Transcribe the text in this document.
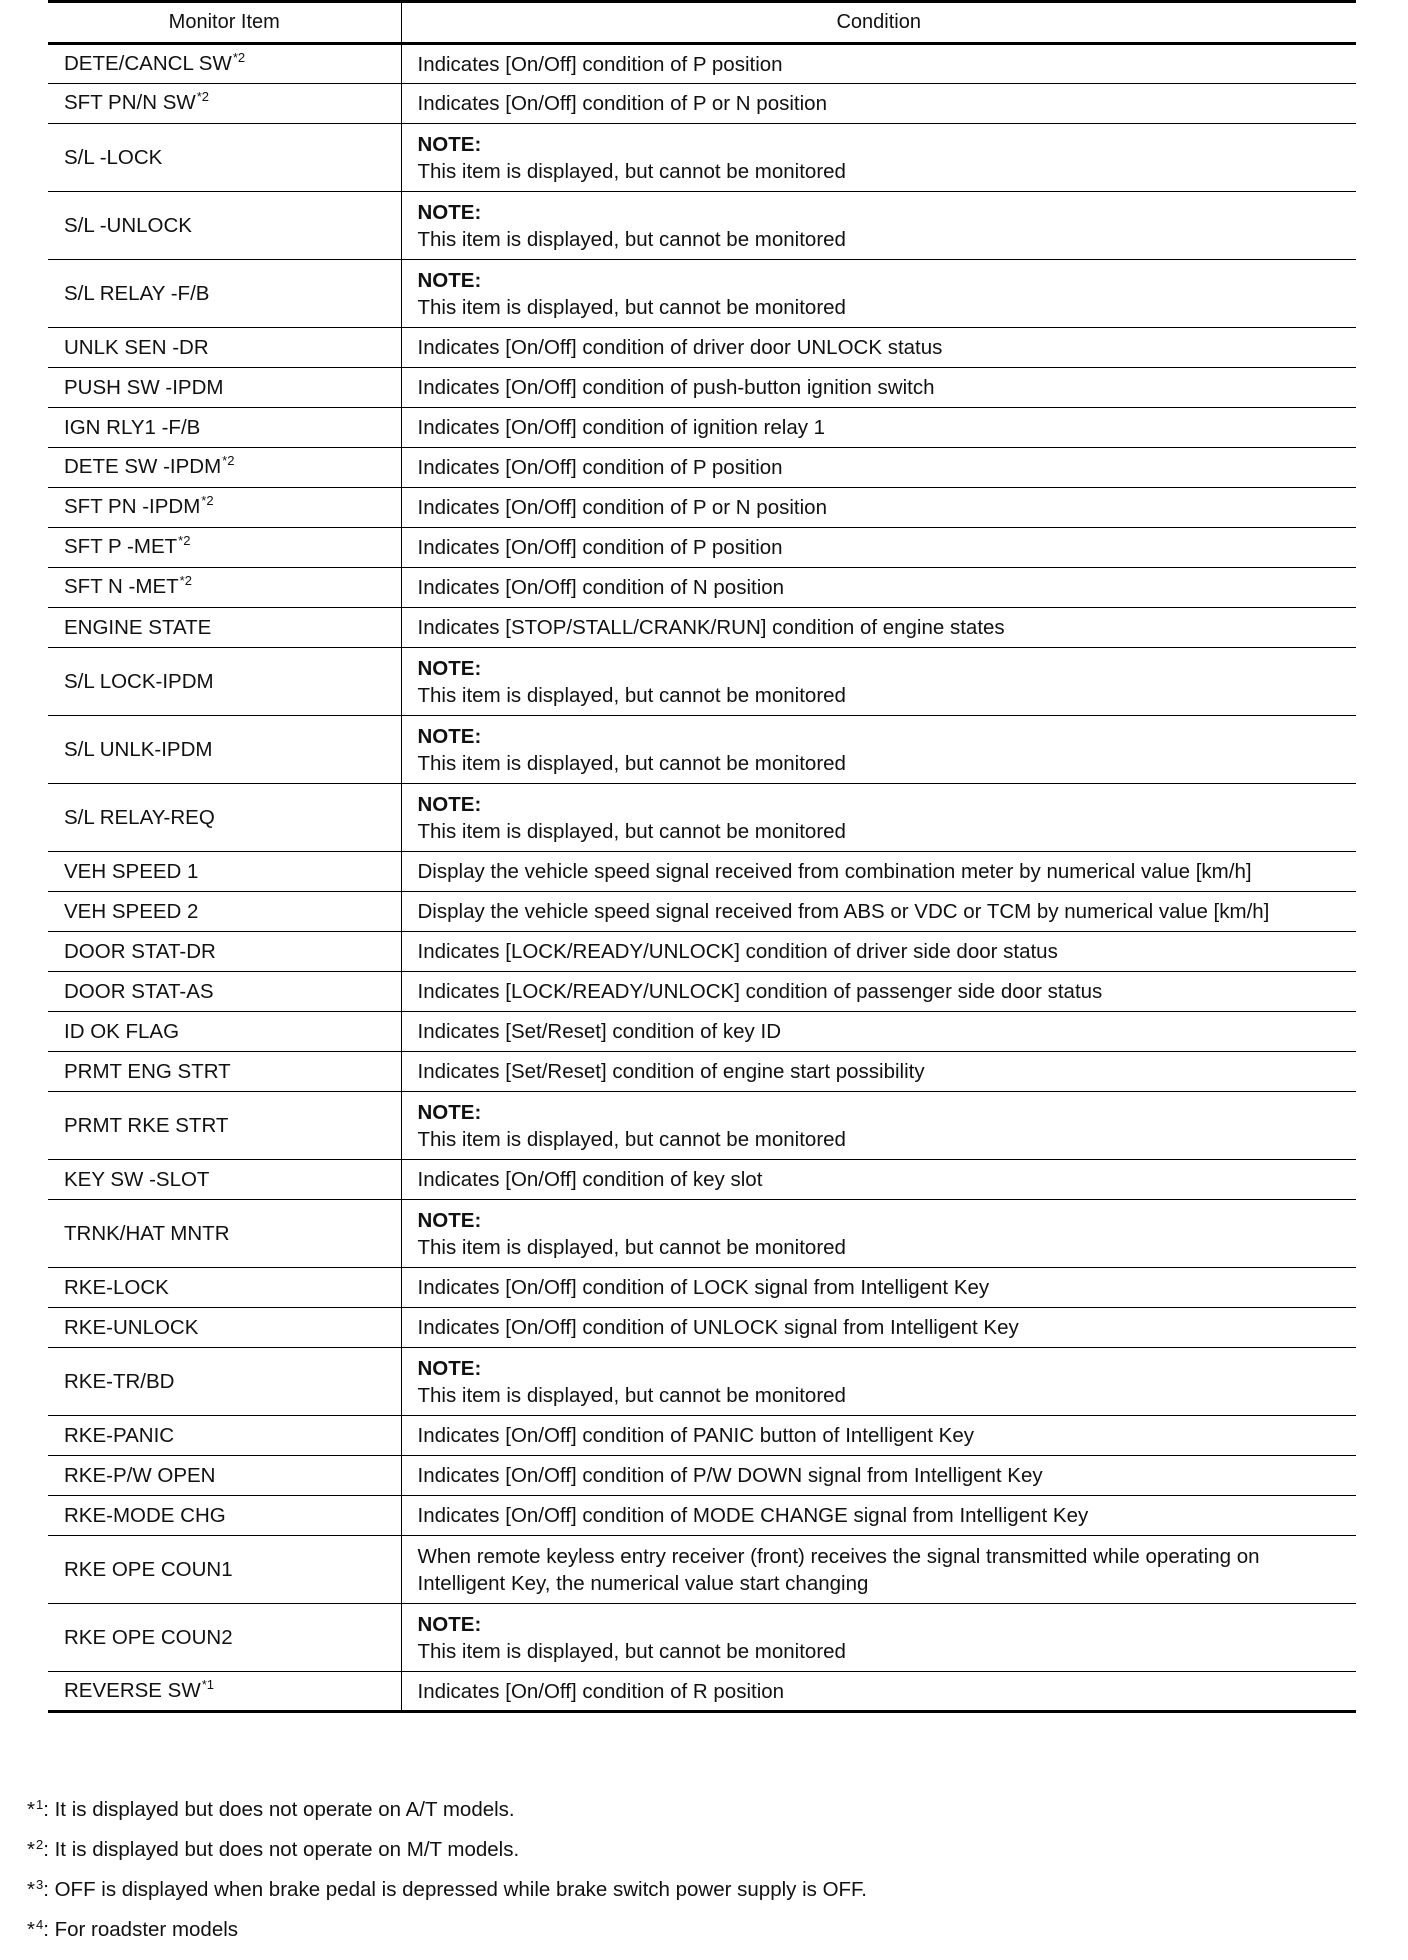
Monitor Item	Condition
DETE/CANCL SW$^{*2}$	Indicates [On/Off] condition of P position
SFT PN/N SW$^{*2}$	Indicates [On/Off] condition of P or N position
S/L -LOCK	NOTE:
This item is displayed, but cannot be monitored

S/L -UNLOCK	NOTE:
This item is displayed, but cannot be monitored

S/L RELAY -F/B	NOTE:
This item is displayed, but cannot be monitored

UNLK SEN -DR	Indicates [On/Off] condition of driver door UNLOCK status
PUSH SW -IPDM	Indicates [On/Off] condition of push-button ignition switch
IGN RLY1 -F/B	Indicates [On/Off] condition of ignition relay 1
DETE SW -IPDM$^{*2}$	Indicates [On/Off] condition of P position
SFT PN -IPDM$^{*2}$	Indicates [On/Off] condition of P or N position
SFT P -MET$^{*2}$	Indicates [On/Off] condition of P position
SFT N -MET$^{*2}$	Indicates [On/Off] condition of N position
ENGINE STATE	Indicates [STOP/STALL/CRANK/RUN] condition of engine states
S/L LOCK-IPDM	NOTE:
This item is displayed, but cannot be monitored

S/L UNLK-IPDM	NOTE:
This item is displayed, but cannot be monitored

S/L RELAY-REQ	NOTE:
This item is displayed, but cannot be monitored

VEH SPEED 1	Display the vehicle speed signal received from combination meter by numerical value [km/h]
VEH SPEED 2	Display the vehicle speed signal received from ABS or VDC or TCM by numerical value [km/h]
DOOR STAT-DR	Indicates [LOCK/READY/UNLOCK] condition of driver side door status
DOOR STAT-AS	Indicates [LOCK/READY/UNLOCK] condition of passenger side door status
ID OK FLAG	Indicates [Set/Reset] condition of key ID
PRMT ENG STRT	Indicates [Set/Reset] condition of engine start possibility
PRMT RKE STRT	NOTE:
This item is displayed, but cannot be monitored

KEY SW -SLOT	Indicates [On/Off] condition of key slot
TRNK/HAT MNTR	NOTE:
This item is displayed, but cannot be monitored

RKE-LOCK	Indicates [On/Off] condition of LOCK signal from Intelligent Key
RKE-UNLOCK	Indicates [On/Off] condition of UNLOCK signal from Intelligent Key
RKE-TR/BD	NOTE:
This item is displayed, but cannot be monitored

RKE-PANIC	Indicates [On/Off] condition of PANIC button of Intelligent Key
RKE-P/W OPEN	Indicates [On/Off] condition of P/W DOWN signal from Intelligent Key
RKE-MODE CHG	Indicates [On/Off] condition of MODE CHANGE signal from Intelligent Key
RKE OPE COUN1	When remote keyless entry receiver (front) receives the signal transmitted while operating on Intelligent Key, the numerical value start changing
RKE OPE COUN2	NOTE:
This item is displayed, but cannot be monitored

REVERSE SW$^{*1}$	Indicates [On/Off] condition of R position
*$^1$: It is displayed but does not operate on A/T models.
*$^2$: It is displayed but does not operate on M/T models.
*$^3$: OFF is displayed when brake pedal is depressed while brake switch power supply is OFF.
*$^4$: For roadster models
